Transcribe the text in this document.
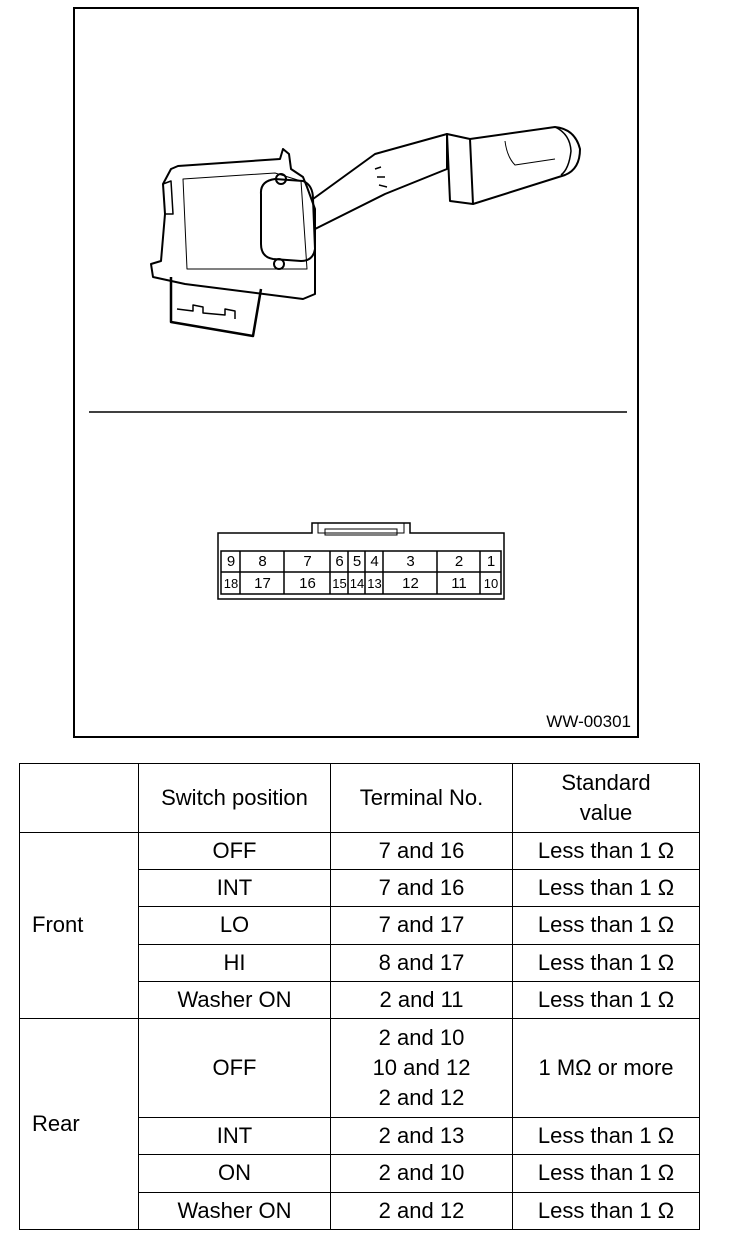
9	8	7	6 5 4	3	2	1
18	17	16	15 14 13	12	11	10
WW-00301
	Switch position	Terminal No.	Standard
value

Front	OFF	7 and 16	Less than 1 Ω
	INT	7 and 16	Less than 1 Ω
	LO	7 and 17	Less than 1 Ω
	HI	8 and 17	Less than 1 Ω
	Washer ON	2 and 11	Less than 1 Ω
Rear	OFF	2 and 10
10 and 12
2 and 12	1 MΩ or more
	INT	2 and 13	Less than 1 Ω
	ON	2 and 10	Less than 1 Ω
	Washer ON	2 and 12	Less than 1 Ω
